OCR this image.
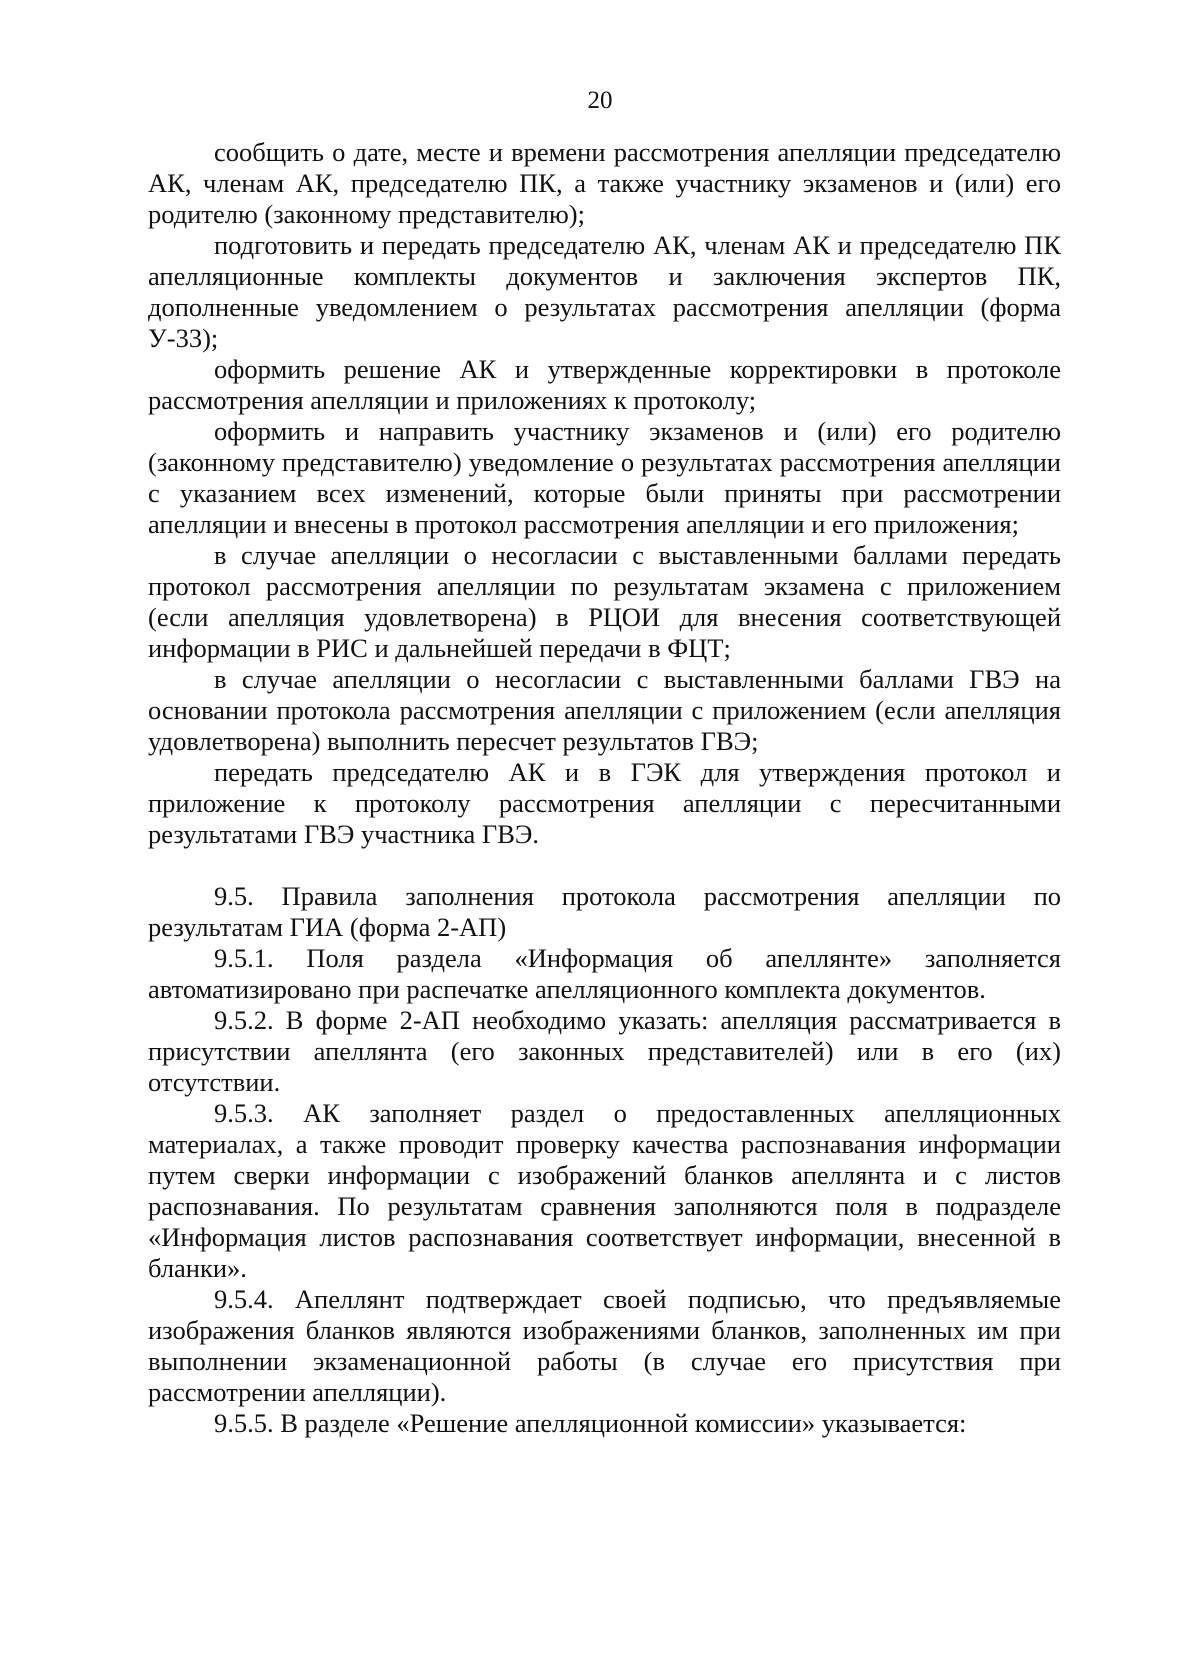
20

сообщить о дате, месте и времени рассмотрения апелляции председателю АК, членам АК, председателю ПК, а также участнику экзаменов и (или) его родителю (законному представителю);

подготовить и передать председателю АК, членам АК и председателю ПК апелляционные комплекты документов и заключения экспертов ПК, дополненные уведомлением о результатах рассмотрения апелляции (форма У-33);

оформить решение АК и утвержденные корректировки в протоколе рассмотрения апелляции и приложениях к протоколу;

оформить и направить участнику экзаменов и (или) его родителю (законному представителю) уведомление о результатах рассмотрения апелляции с указанием всех изменений, которые были приняты при рассмотрении апелляции и внесены в протокол рассмотрения апелляции и его приложения;

в случае апелляции о несогласии с выставленными баллами передать протокол рассмотрения апелляции по результатам экзамена с приложением (если апелляция удовлетворена) в РЦОИ для внесения соответствующей информации в РИС и дальнейшей передачи в ФЦТ;

в случае апелляции о несогласии с выставленными баллами ГВЭ на основании протокола рассмотрения апелляции с приложением (если апелляция удовлетворена) выполнить пересчет результатов ГВЭ;

передать председателю АК и в ГЭК для утверждения протокол и приложение к протоколу рассмотрения апелляции с пересчитанными результатами ГВЭ участника ГВЭ.

9.5. Правила заполнения протокола рассмотрения апелляции по результатам ГИА (форма 2-АП)

9.5.1. Поля раздела «Информация об апеллянте» заполняется автоматизировано при распечатке апелляционного комплекта документов.

9.5.2. В форме 2-АП необходимо указать: апелляция рассматривается в присутствии апеллянта (его законных представителей) или в его (их) отсутствии.

9.5.3. АК заполняет раздел о предоставленных апелляционных материалах, а также проводит проверку качества распознавания информации путем сверки информации с изображений бланков апеллянта и с листов распознавания. По результатам сравнения заполняются поля в подразделе «Информация листов распознавания соответствует информации, внесенной в бланки».

9.5.4. Апеллянт подтверждает своей подписью, что предъявляемые изображения бланков являются изображениями бланков, заполненных им при выполнении экзаменационной работы (в случае его присутствия при рассмотрении апелляции).

9.5.5. В разделе «Решение апелляционной комиссии» указывается:
